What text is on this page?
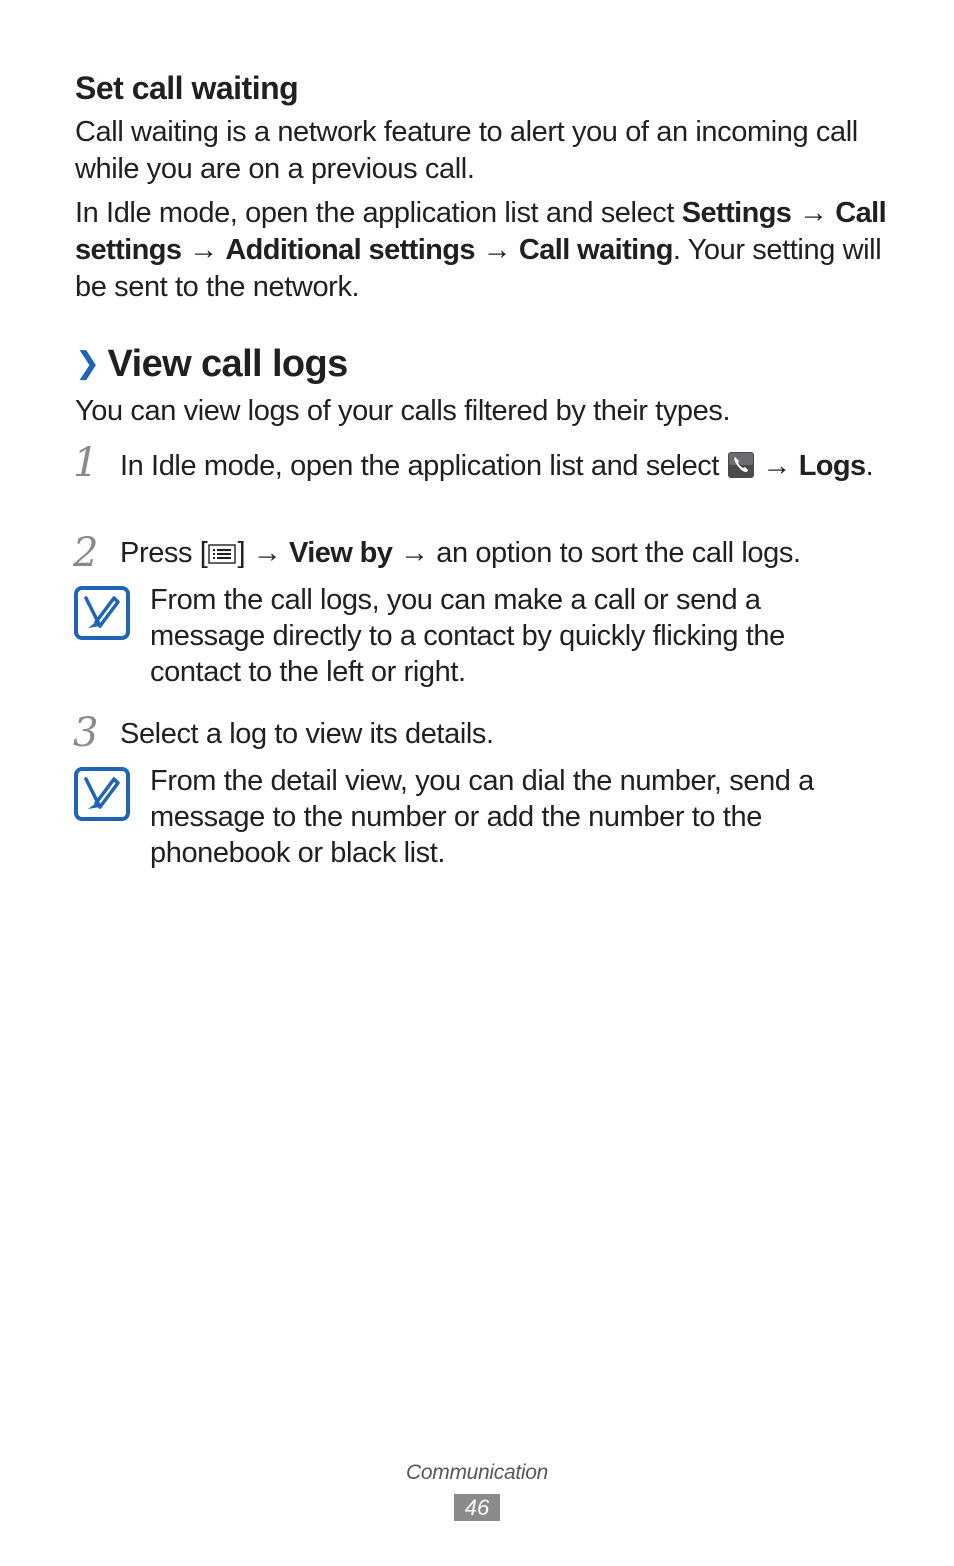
Set call waiting

Call waiting is a network feature to alert you of an incoming call while you are on a previous call.

In Idle mode, open the application list and select Settings → Call settings → Additional settings → Call waiting. Your setting will be sent to the network.

❯ View call logs

You can view logs of your calls filtered by their types.

1 In Idle mode, open the application list and select  → Logs.

2 Press [ ] → View by → an option to sort the call logs.

From the call logs, you can make a call or send a message directly to a contact by quickly flicking the contact to the left or right.

3 Select a log to view its details.

From the detail view, you can dial the number, send a message to the number or add the number to the phonebook or black list.

Communication
46
